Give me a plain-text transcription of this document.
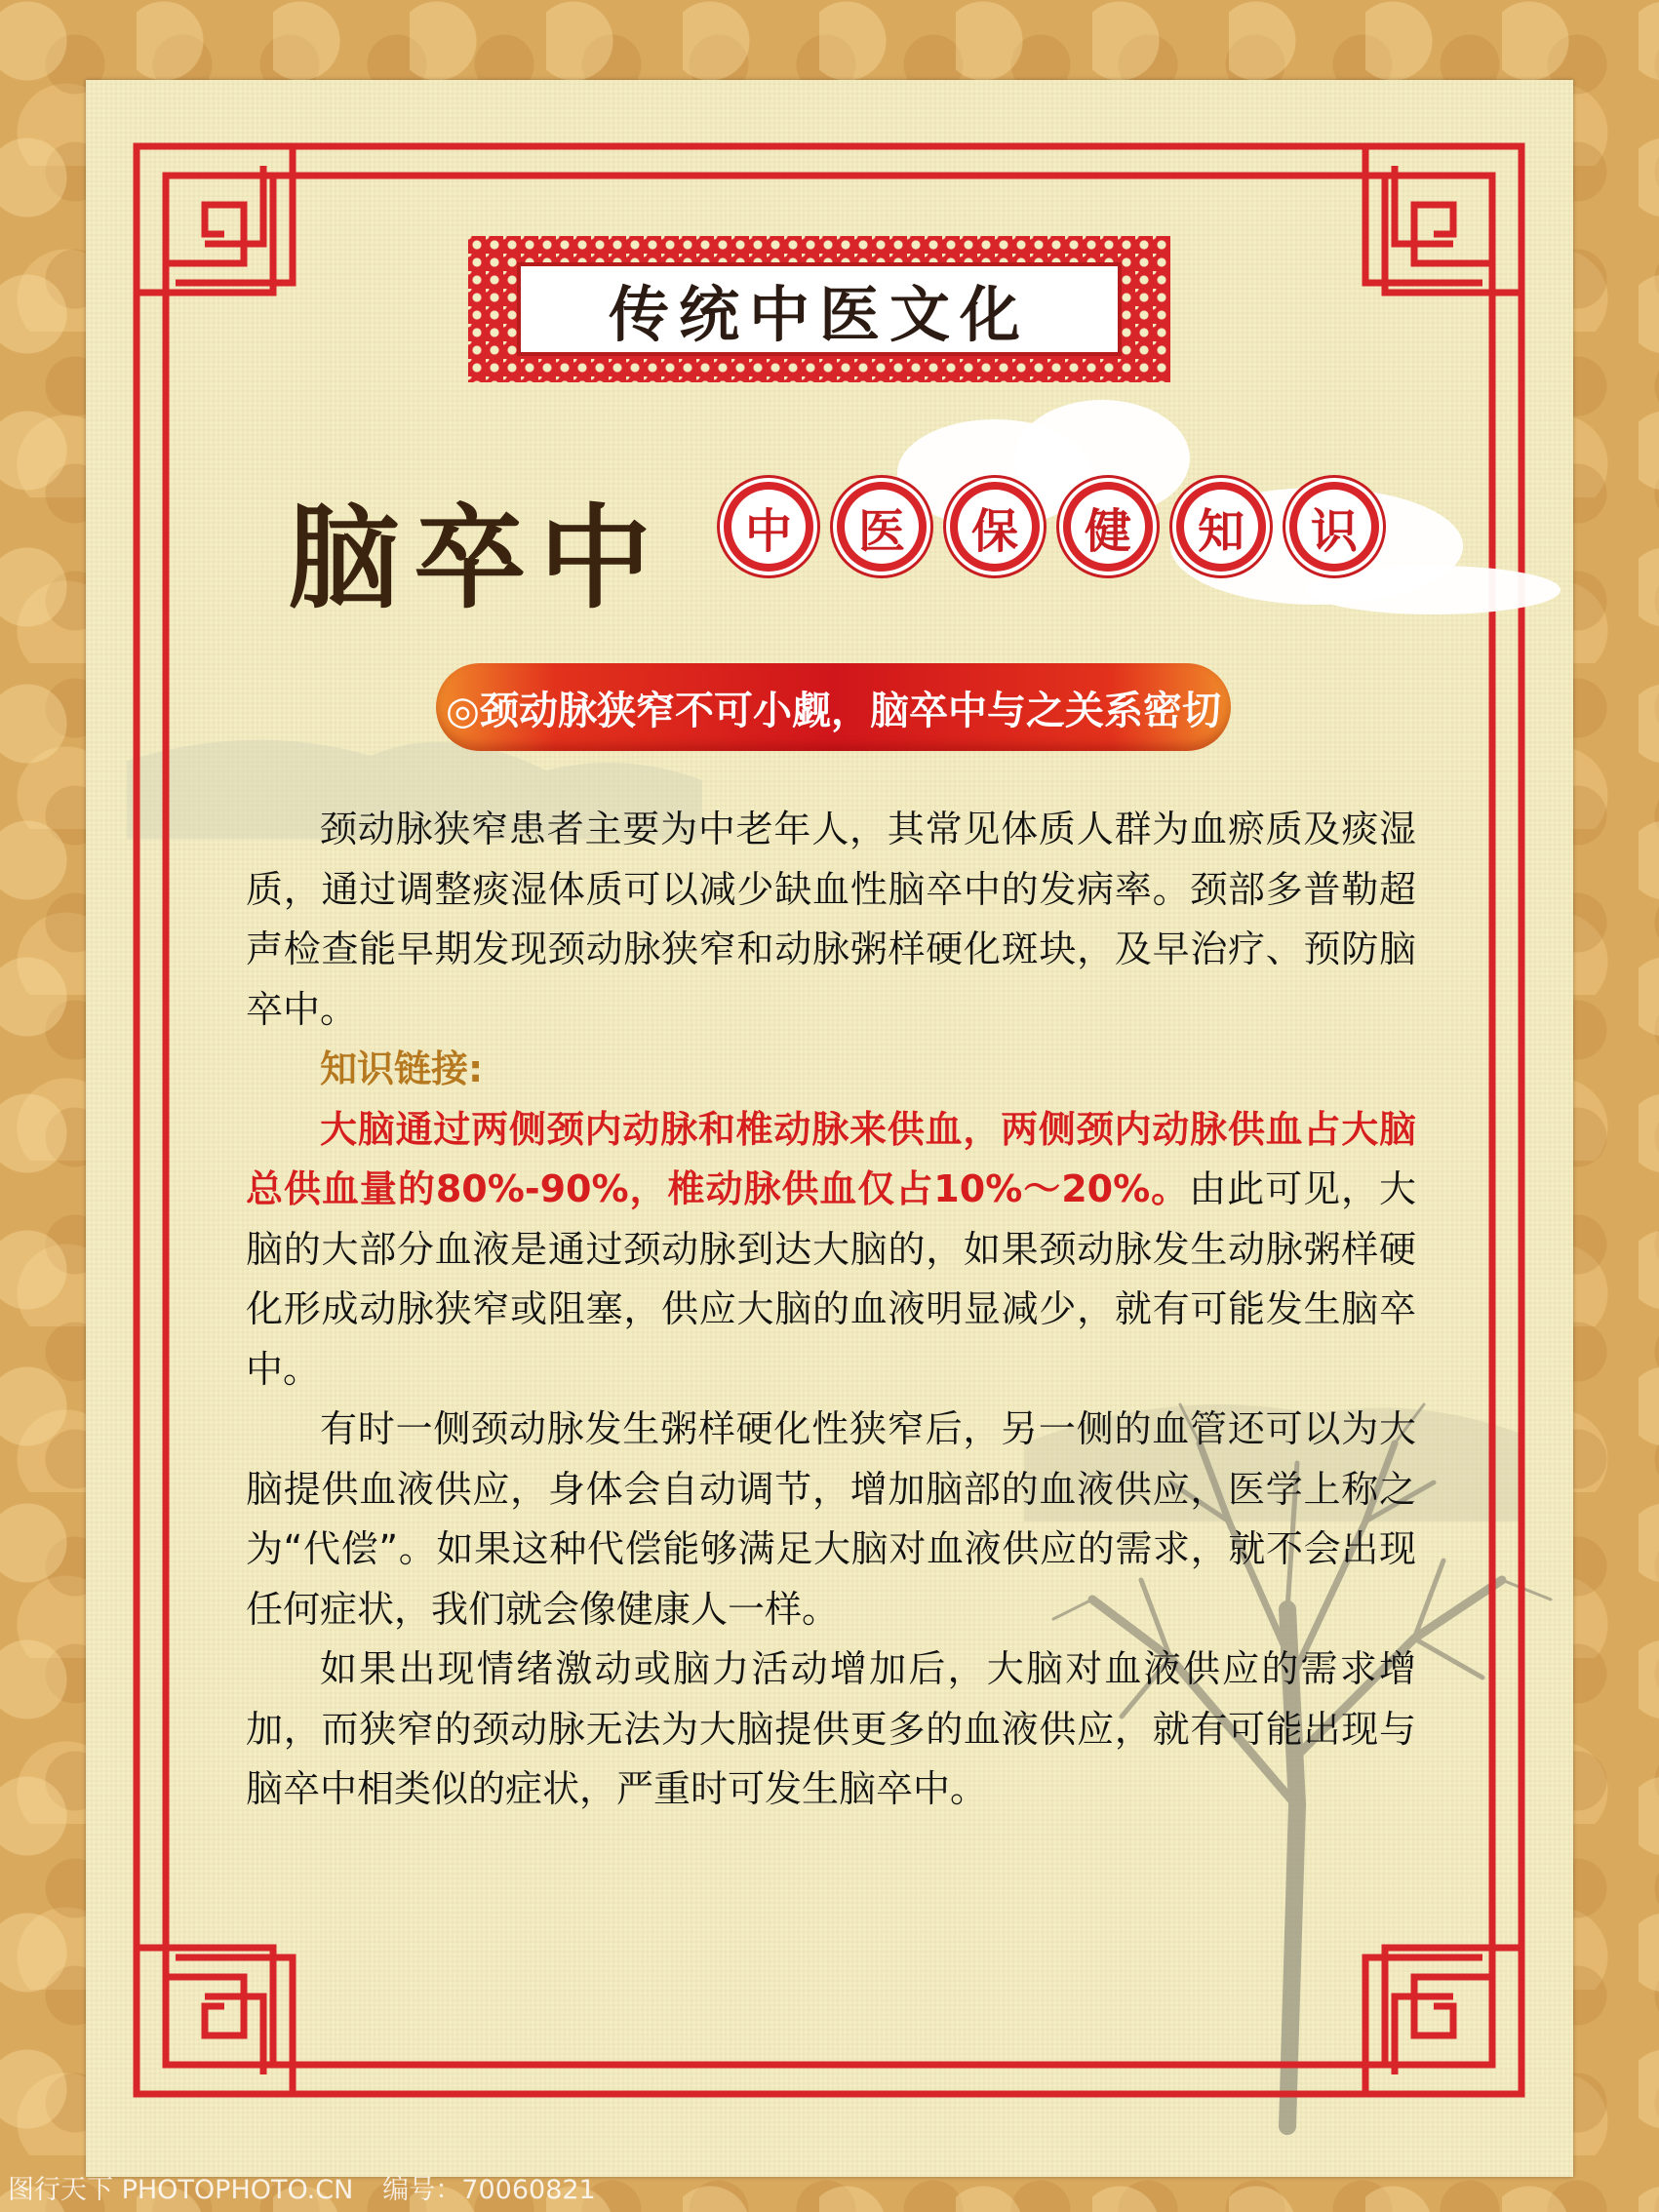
传统中医文化
脑卒中 中 医 保 健 知 识
◎颈动脉狭窄不可小觑，脑卒中与之关系密切

颈动脉狭窄患者主要为中老年人，其常见体质人群为血瘀质及痰湿质，通过调整痰湿体质可以减少缺血性脑卒中的发病率。颈部多普勒超声检查能早期发现颈动脉狭窄和动脉粥样硬化斑块，及早治疗、预防脑卒中。

知识链接:

大脑通过两侧颈内动脉和椎动脉来供血，两侧颈内动脉供血占大脑总供血量的80%-90%，椎动脉供血仅占10%～20%。由此可见，大脑的大部分血液是通过颈动脉到达大脑的，如果颈动脉发生动脉粥样硬化形成动脉狭窄或阻塞，供应大脑的血液明显减少，就有可能发生脑卒中。

有时一侧颈动脉发生粥样硬化性狭窄后，另一侧的血管还可以为大脑提供血液供应，身体会自动调节，增加脑部的血液供应，医学上称之为“代偿”。如果这种代偿能够满足大脑对血液供应的需求，就不会出现任何症状，我们就会像健康人一样。

如果出现情绪激动或脑力活动增加后，大脑对血液供应的需求增加，而狭窄的颈动脉无法为大脑提供更多的血液供应，就有可能出现与脑卒中相类似的症状，严重时可发生脑卒中。

图行天下 PHOTOPHOTO.CN 编号：70060821
